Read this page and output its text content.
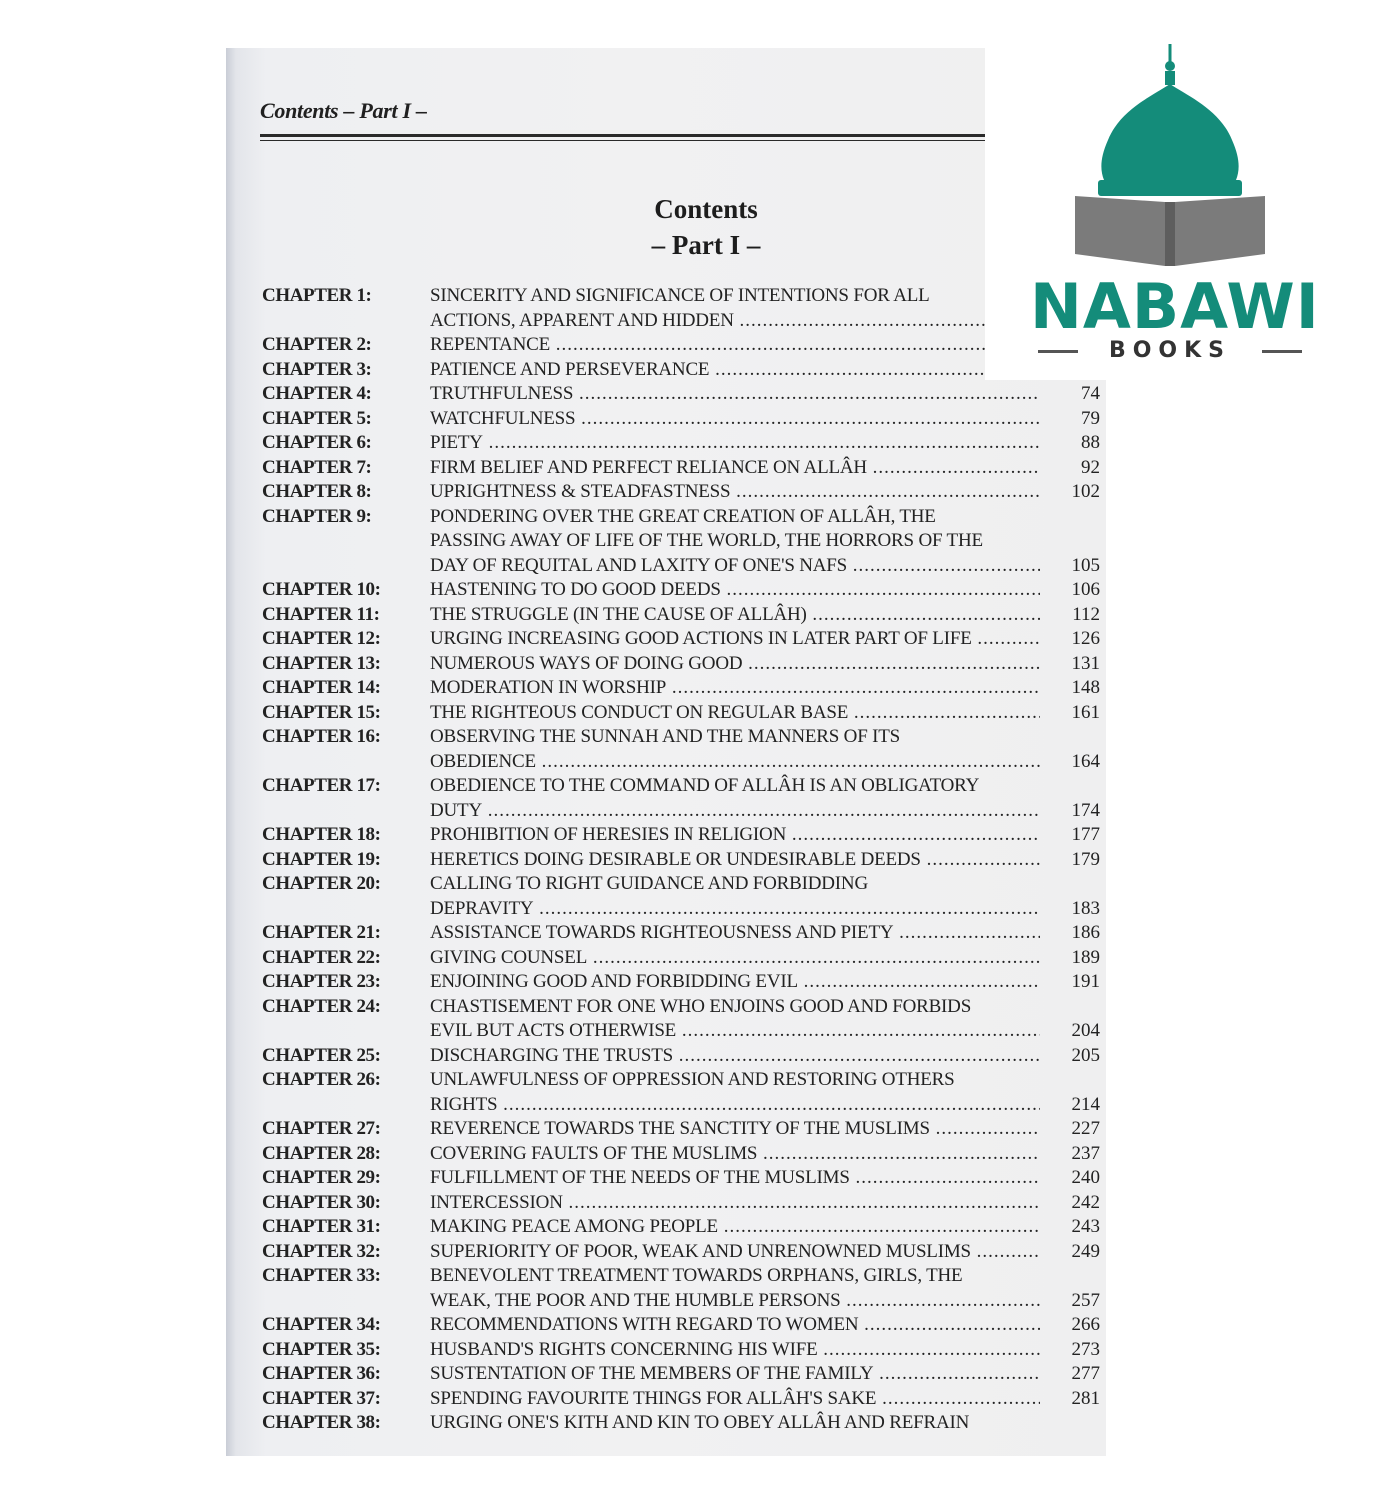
Contents – Part I –
Contents
– Part I –
CHAPTER 1:	SINCERITY AND SIGNIFICANCE OF INTENTIONS FOR ALL
ACTIONS, APPARENT AND HIDDEN .....
CHAPTER 2:	REPENTANCE .....
CHAPTER 3:	PATIENCE AND PERSEVERANCE .....
CHAPTER 4:	TRUTHFULNESS .....	74
CHAPTER 5:	WATCHFULNESS .....	79
CHAPTER 6:	PIETY .....	88
CHAPTER 7:	FIRM BELIEF AND PERFECT RELIANCE ON ALLÂH .....	92
CHAPTER 8:	UPRIGHTNESS & STEADFASTNESS .....	102
CHAPTER 9:	PONDERING OVER THE GREAT CREATION OF ALLÂH, THE
PASSING AWAY OF LIFE OF THE WORLD, THE HORRORS OF THE
DAY OF REQUITAL AND LAXITY OF ONE'S NAFS .....	105
CHAPTER 10:	HASTENING TO DO GOOD DEEDS .....	106
CHAPTER 11:	THE STRUGGLE (IN THE CAUSE OF ALLÂH) .....	112
CHAPTER 12:	URGING INCREASING GOOD ACTIONS IN LATER PART OF LIFE .....	126
CHAPTER 13:	NUMEROUS WAYS OF DOING GOOD .....	131
CHAPTER 14:	MODERATION IN WORSHIP .....	148
CHAPTER 15:	THE RIGHTEOUS CONDUCT ON REGULAR BASE .....	161
CHAPTER 16:	OBSERVING THE SUNNAH AND THE MANNERS OF ITS
OBEDIENCE .....	164
CHAPTER 17:	OBEDIENCE TO THE COMMAND OF ALLÂH IS AN OBLIGATORY
DUTY .....	174
CHAPTER 18:	PROHIBITION OF HERESIES IN RELIGION .....	177
CHAPTER 19:	HERETICS DOING DESIRABLE OR UNDESIRABLE DEEDS .....	179
CHAPTER 20:	CALLING TO RIGHT GUIDANCE AND FORBIDDING
DEPRAVITY .....	183
CHAPTER 21:	ASSISTANCE TOWARDS RIGHTEOUSNESS AND PIETY .....	186
CHAPTER 22:	GIVING COUNSEL .....	189
CHAPTER 23:	ENJOINING GOOD AND FORBIDDING EVIL .....	191
CHAPTER 24:	CHASTISEMENT FOR ONE WHO ENJOINS GOOD AND FORBIDS
EVIL BUT ACTS OTHERWISE .....	204
CHAPTER 25:	DISCHARGING THE TRUSTS .....	205
CHAPTER 26:	UNLAWFULNESS OF OPPRESSION AND RESTORING OTHERS
RIGHTS .....	214
CHAPTER 27:	REVERENCE TOWARDS THE SANCTITY OF THE MUSLIMS .....	227
CHAPTER 28:	COVERING FAULTS OF THE MUSLIMS .....	237
CHAPTER 29:	FULFILLMENT OF THE NEEDS OF THE MUSLIMS .....	240
CHAPTER 30:	INTERCESSION .....	242
CHAPTER 31:	MAKING PEACE AMONG PEOPLE .....	243
CHAPTER 32:	SUPERIORITY OF POOR, WEAK AND UNRENOWNED MUSLIMS .....	249
CHAPTER 33:	BENEVOLENT TREATMENT TOWARDS ORPHANS, GIRLS, THE
WEAK, THE POOR AND THE HUMBLE PERSONS .....	257
CHAPTER 34:	RECOMMENDATIONS WITH REGARD TO WOMEN .....	266
CHAPTER 35:	HUSBAND'S RIGHTS CONCERNING HIS WIFE .....	273
CHAPTER 36:	SUSTENTATION OF THE MEMBERS OF THE FAMILY .....	277
CHAPTER 37:	SPENDING FAVOURITE THINGS FOR ALLÂH'S SAKE .....	281
CHAPTER 38:	URGING ONE'S KITH AND KIN TO OBEY ALLÂH AND REFRAIN
NABAWI
BOOKS
